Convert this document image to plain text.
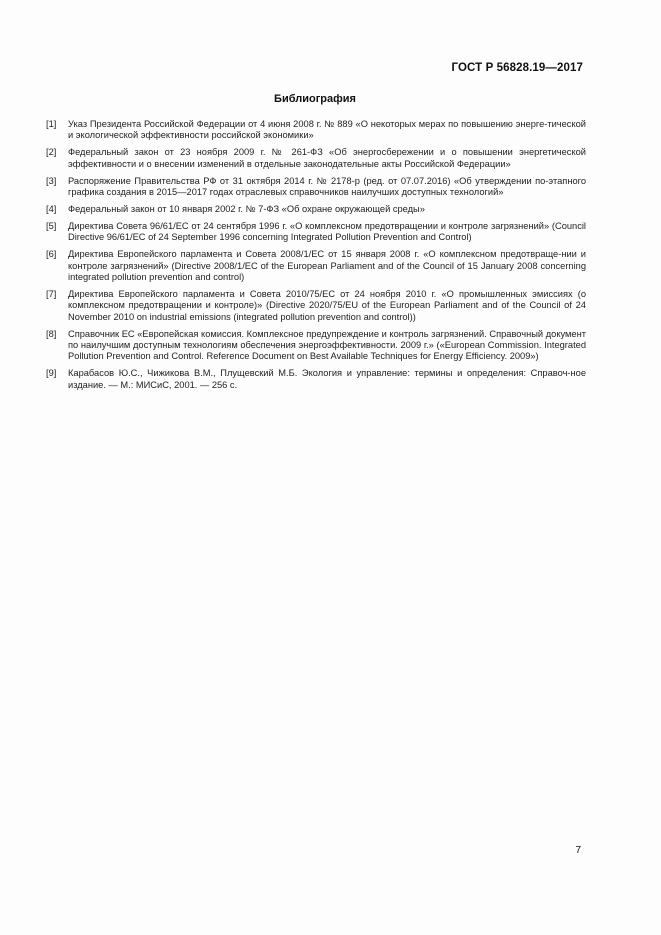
ГОСТ Р 56828.19—2017
Библиография
[1]	Указ Президента Российской Федерации от 4 июня 2008 г. № 889 «О некоторых мерах по повышению энерге-тической и экологической эффективности российской экономики»
[2]	Федеральный закон от 23 ноября 2009 г. № 261-ФЗ «Об энергосбережении и о повышении энергетической эффективности и о внесении изменений в отдельные законодательные акты Российской Федерации»
[3]	Распоряжение Правительства РФ от 31 октября 2014 г. № 2178-р (ред. от 07.07.2016) «Об утверждении по-этапного графика создания в 2015—2017 годах отраслевых справочников наилучших доступных технологий»
[4]	Федеральный закон от 10 января 2002 г. № 7-ФЗ «Об охране окружающей среды»
[5]	Директива Совета 96/61/ЕС от 24 сентября 1996 г. «О комплексном предотвращении и контроле загрязнений» (Council Directive 96/61/EC of 24 September 1996 concerning Integrated Pollution Prevention and Control)
[6]	Директива Европейского парламента и Совета 2008/1/ЕС от 15 января 2008 г. «О комплексном предотвраще-нии и контроле загрязнений» (Directive 2008/1/EC of the European Parliament and of the Council of 15 January 2008 concerning integrated pollution prevention and control)
[7]	Директива Европейского парламента и Совета 2010/75/ЕС от 24 ноября 2010 г. «О промышленных эмиссиях (о комплексном предотвращении и контроле)» (Directive 2020/75/EU of the European Parliament and of the Council of 24 November 2010 on industrial emissions (integrated pollution prevention and control))
[8]	Справочник ЕС «Европейская комиссия. Комплексное предупреждение и контроль загрязнений. Справочный документ по наилучшим доступным технологиям обеспечения энергоэффективности. 2009 г.» («European Commission. Integrated Pollution Prevention and Control. Reference Document on Best Available Techniques for Energy Efficiency. 2009»)
[9]	Карабасов Ю.С., Чижикова В.М., Плущевский М.Б. Экология и управление: термины и определения: Справоч-ное издание. — М.: МИСиС, 2001. — 256 с.
7
